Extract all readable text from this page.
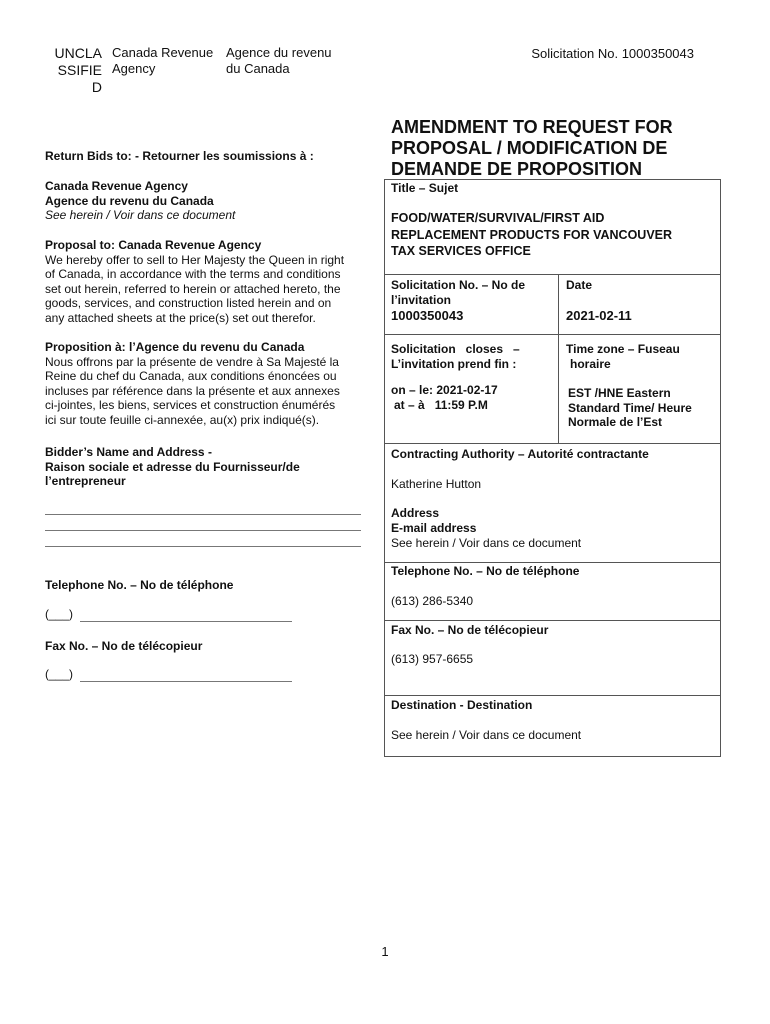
UNCLA
SSIFIE
D
Canada Revenue
Agency
Agence du revenu
du Canada
Solicitation No. 1000350043
AMENDMENT TO REQUEST FOR
PROPOSAL / MODIFICATION DE
DEMANDE DE PROPOSITION
Return Bids to: - Retourner les soumissions à :
Canada Revenue Agency
Agence du revenu du Canada
See herein / Voir dans ce document
Proposal to: Canada Revenue Agency
We hereby offer to sell to Her Majesty the Queen in right
of Canada, in accordance with the terms and conditions
set out herein, referred to herein or attached hereto, the
goods, services, and construction listed herein and on
any attached sheets at the price(s) set out therefor.
Proposition à: l’Agence du revenu du Canada
Nous offrons par la présente de vendre à Sa Majesté la
Reine du chef du Canada, aux conditions énoncées ou
incluses par référence dans la présente et aux annexes
ci-jointes, les biens, services et construction énumérés
ici sur toute feuille ci-annexée, au(x) prix indiqué(s).
Bidder’s Name and Address -
Raison sociale et adresse du Fournisseur/de
l’entrepreneur
Telephone No. – No de téléphone
(___)
Fax No. – No de télécopieur
(___)
Title – Sujet
FOOD/WATER/SURVIVAL/FIRST AID
REPLACEMENT PRODUCTS FOR VANCOUVER
TAX SERVICES OFFICE
Solicitation No. – No de
l’invitation
1000350043
Date
2021-02-11
Solicitation   closes   –
L’invitation prend fin :
on – le: 2021-02-17
at – à   11:59 P.M
Time zone – Fuseau
horaire
EST /HNE Eastern
Standard Time/ Heure
Normale de l’Est
Contracting Authority – Autorité contractante
Katherine Hutton
Address
E-mail address
See herein / Voir dans ce document
Telephone No. – No de téléphone
(613) 286-5340
Fax No. – No de télécopieur
(613) 957-6655
Destination - Destination
See herein / Voir dans ce document
1
